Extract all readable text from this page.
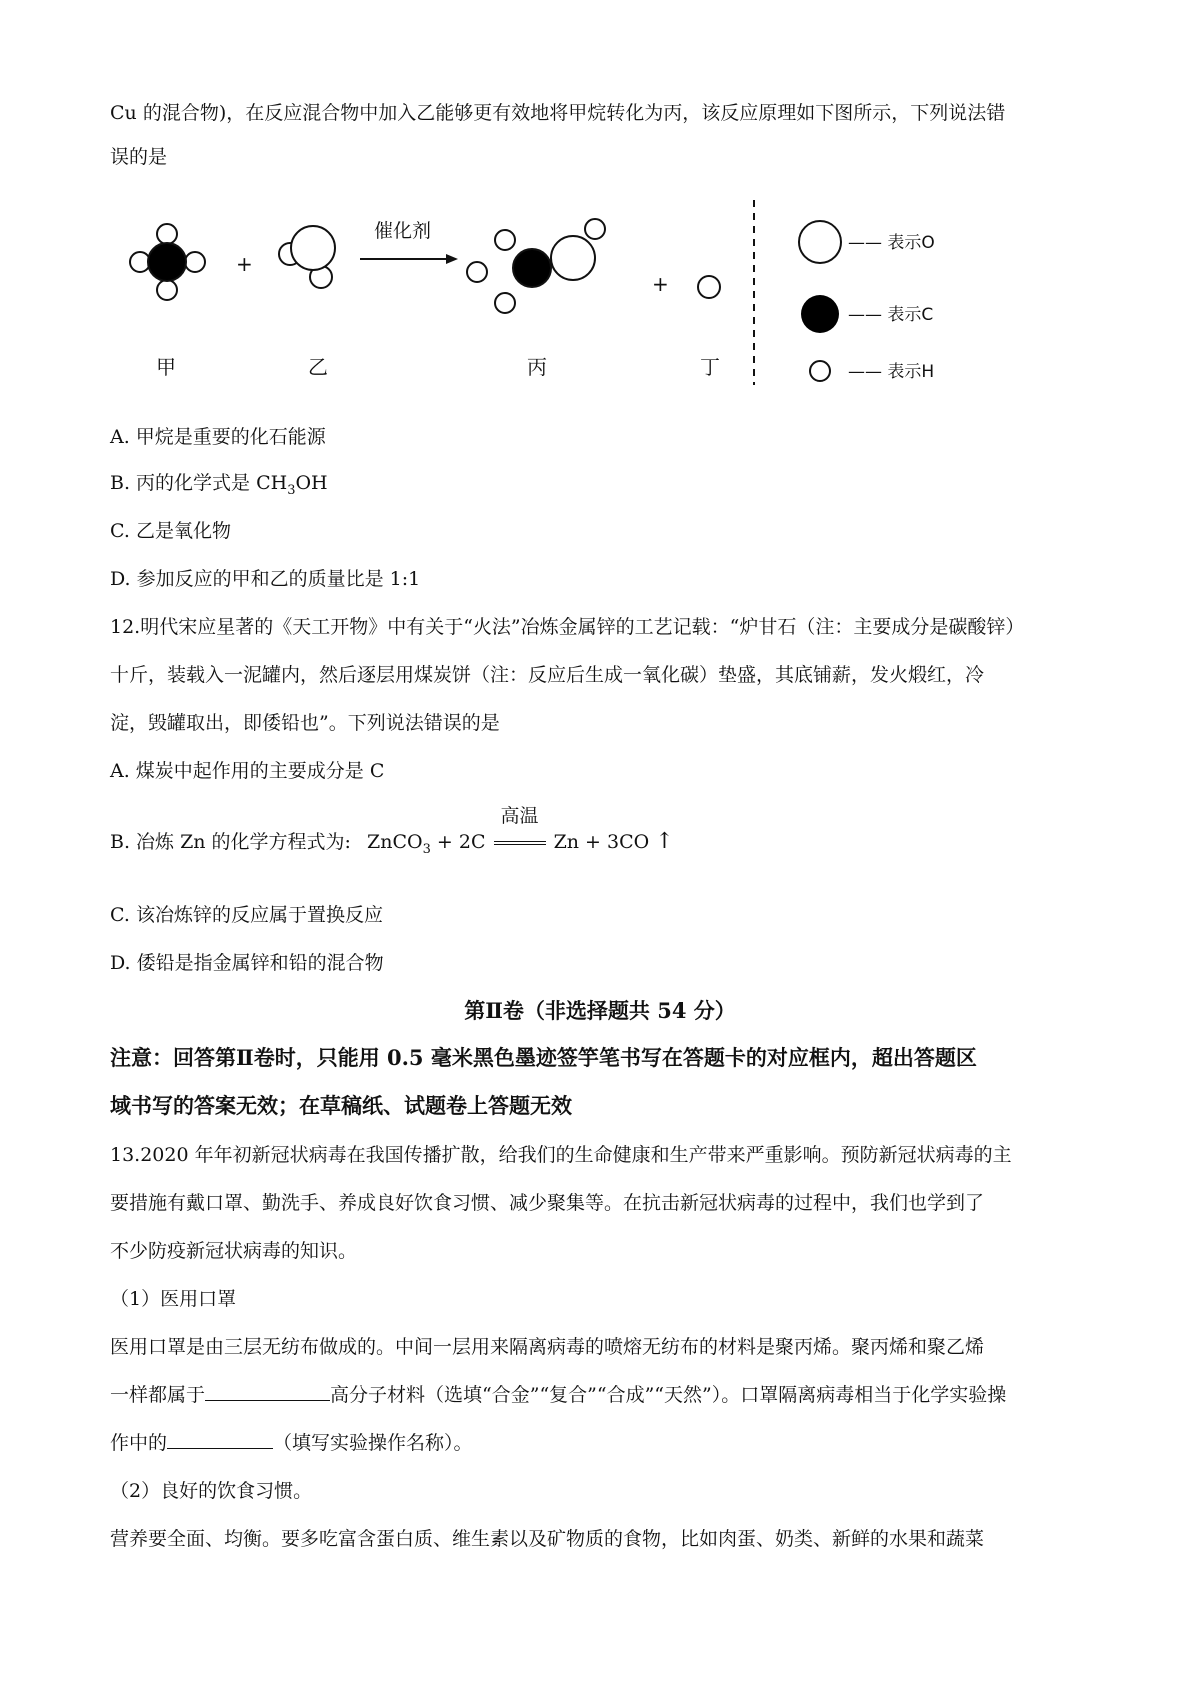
Cu 的混合物)，在反应混合物中加入乙能够更有效地将甲烷转化为丙，该反应原理如下图所示，下列说法错
误的是
+
催化剂
+
甲	乙	丙	丁
—— 表示O
—— 表示C
—— 表示H
A. 甲烷是重要的化石能源
B. 丙的化学式是 $CH_3OH$
C. 乙是氧化物
D. 参加反应的甲和乙的质量比是 1:1
12.明代宋应星著的《天工开物》中有关于“火法”冶炼金属锌的工艺记载：“炉甘石（注：主要成分是碳酸锌）
十斤，装载入一泥罐内，然后逐层用煤炭饼（注：反应后生成一氧化碳）垫盛，其底铺薪，发火煅红，冷
淀，毁罐取出，即倭铅也”。下列说法错误的是
A. 煤炭中起作用的主要成分是 C
B. 冶炼 Zn 的化学方程式为: ZnCO$_3$ + 2C
高温
Zn + 3CO ↑
C. 该冶炼锌的反应属于置换反应
D. 倭铅是指金属锌和铅的混合物
第Ⅱ卷（非选择题共 54 分）
注意：回答第Ⅱ卷时，只能用 0.5 毫米黑色墨迹签竽笔书写在答题卡的对应框内，超出答题区
域书写的答案无效；在草稿纸、试题卷上答题无效
13.2020 年年初新冠状病毒在我国传播扩散，给我们的生命健康和生产带来严重影响。预防新冠状病毒的主
要措施有戴口罩、勤洗手、养成良好饮食习惯、减少聚集等。在抗击新冠状病毒的过程中，我们也学到了
不少防疫新冠状病毒的知识。
（1）医用口罩
医用口罩是由三层无纺布做成的。中间一层用来隔离病毒的喷熔无纺布的材料是聚丙烯。聚丙烯和聚乙烯
一样都属于	高分子材料（选填“合金”“复合”“合成”“天然”）。口罩隔离病毒相当于化学实验操
作中的	（填写实验操作名称）。
（2）良好的饮食习惯。
营养要全面、均衡。要多吃富含蛋白质、维生素以及矿物质的食物，比如肉蛋、奶类、新鲜的水果和蔬菜
